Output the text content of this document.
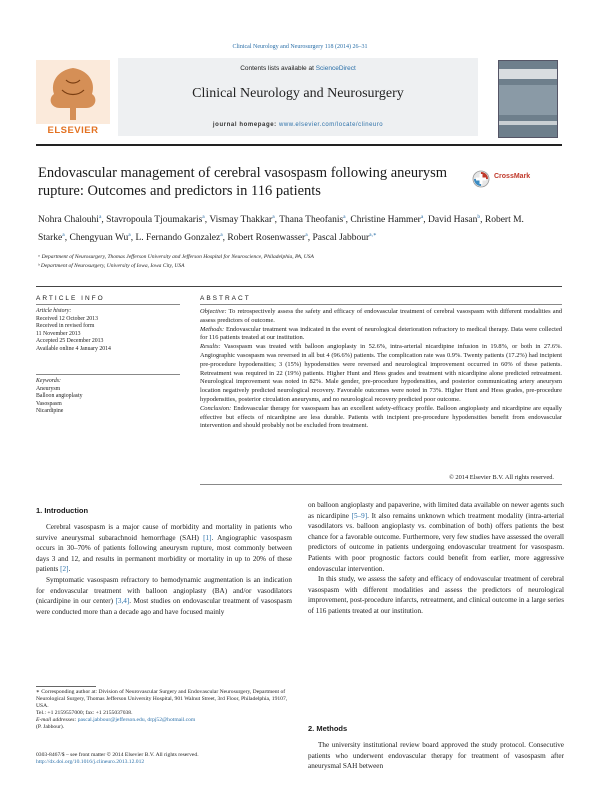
Clinical Neurology and Neurosurgery 118 (2014) 26–31
ELSEVIER
Contents lists available at ScienceDirect
Clinical Neurology and Neurosurgery
journal homepage: www.elsevier.com/locate/clineuro
Endovascular management of cerebral vasospasm following aneurysm rupture: Outcomes and predictors in 116 patients
CrossMark
Nohra Chalouhi$^a$, Stavropoula Tjoumakaris$^a$, Vismay Thakkar$^a$, Thana Theofanis$^a$, Christine Hammer$^a$, David Hasan$^b$, Robert M. Starke$^a$, Chengyuan Wu$^a$, L. Fernando Gonzalez$^a$, Robert Rosenwasser$^a$, Pascal Jabbour$^{a,∗}$
ᵃ Department of Neurosurgery, Thomas Jefferson University and Jefferson Hospital for Neuroscience, Philadelphia, PA, USA
ᵇ Department of Neurosurgery, University of Iowa, Iowa City, USA
ARTICLE INFO	ABSTRACT
Article history:
Received 12 October 2013
Received in revised form
11 November 2013
Accepted 25 December 2013
Available online 4 January 2014
Keywords:
Aneurysm
Balloon angioplasty
Vasospasm
Nicardipine

Objective: To retrospectively assess the safety and efficacy of endovascular treatment of cerebral vasospasm with different modalities and assess predictors of outcome.

Methods: Endovascular treatment was indicated in the event of neurological deterioration refractory to medical therapy. Data were collected for 116 patients treated at our institution.

Results: Vasospasm was treated with balloon angioplasty in 52.6%, intra-arterial nicardipine infusion in 19.8%, or both in 27.6%. Angiographic vasospasm was reversed in all but 4 (96.6%) patients. The complication rate was 0.9%. Twenty patients (17.2%) had incipient pre-procedure hypodensities; 3 (15%) hypodensities were reversed and neurological improvement occurred in 60% of these patients. Retreatment was required in 22 (19%) patients. Higher Hunt and Hess grades and treatment with nicardipine alone predicted retreatment. Neurological improvement was noted in 82%. Male gender, pre-procedure hypodensities, and posterior communicating artery aneurysm location negatively predicted neurological recovery. Favorable outcomes were noted in 73%. Higher Hunt and Hess grades, pre-procedure hypodensities, posterior circulation aneurysms, and no neurological recovery predicted poor outcome.

Conclusion: Endovascular therapy for vasospasm has an excellent safety-efficacy profile. Balloon angioplasty and nicardipine are equally effective but effects of nicardipine are less durable. Patients with incipient pre-procedure hypodensities benefit from endovascular intervention and should probably not be excluded from treatment.

© 2014 Elsevier B.V. All rights reserved.
1. Introduction

Cerebral vasospasm is a major cause of morbidity and mortality in patients who survive aneurysmal subarachnoid hemorrhage (SAH) [1]. Angiographic vasospasm occurs in 30–70% of patients following aneurysm rupture, most commonly between days 3 and 12, and results in permanent morbidity or mortality in up to 20% of these patients [2].

Symptomatic vasospasm refractory to hemodynamic augmentation is an indication for endovascular treatment with balloon angioplasty (BA) and/or vasodilators (nicardipine in our center) [3,4]. Most studies on endovascular treatment of vasospasm were conducted more than a decade ago and have focused mainly

on balloon angioplasty and papaverine, with limited data available on newer agents such as nicardipine [5–9]. It also remains unknown which treatment modality (intra-arterial vasodilators vs. balloon angioplasty vs. combination of both) offers patients the best chance for a favorable outcome. Furthermore, very few studies have assessed the overall predictors of outcome in patients undergoing endovascular treatment for vasospasm. Patients with poor prognostic factors could benefit from earlier, more aggressive endovascular intervention.

In this study, we assess the safety and efficacy of endovascular treatment of cerebral vasospasm with different modalities and assess the predictors of neurological improvement, post-procedure infarcts, retreatment, and clinical outcome in a large series of 116 patients treated at our institution.

2. Methods

The university institutional review board approved the study protocol. Consecutive patients who underwent endovascular therapy for treatment of vasospasm after aneurysmal SAH between

∗ Corresponding author at: Division of Neurovascular Surgery and Endovascular Neurosurgery, Department of Neurological Surgery, Thomas Jefferson University Hospital, 901 Walnut Street, 3rd Floor, Philadelphia, 19107, USA.
Tel.: +1 2159557000; fax: +1 2155037038.
E-mail addresses: pascal.jabbour@jefferson.edu, drpj52@hotmail.com
(P. Jabbour).
0303-8467/$ – see front matter © 2014 Elsevier B.V. All rights reserved.
http://dx.doi.org/10.1016/j.clineuro.2013.12.012
